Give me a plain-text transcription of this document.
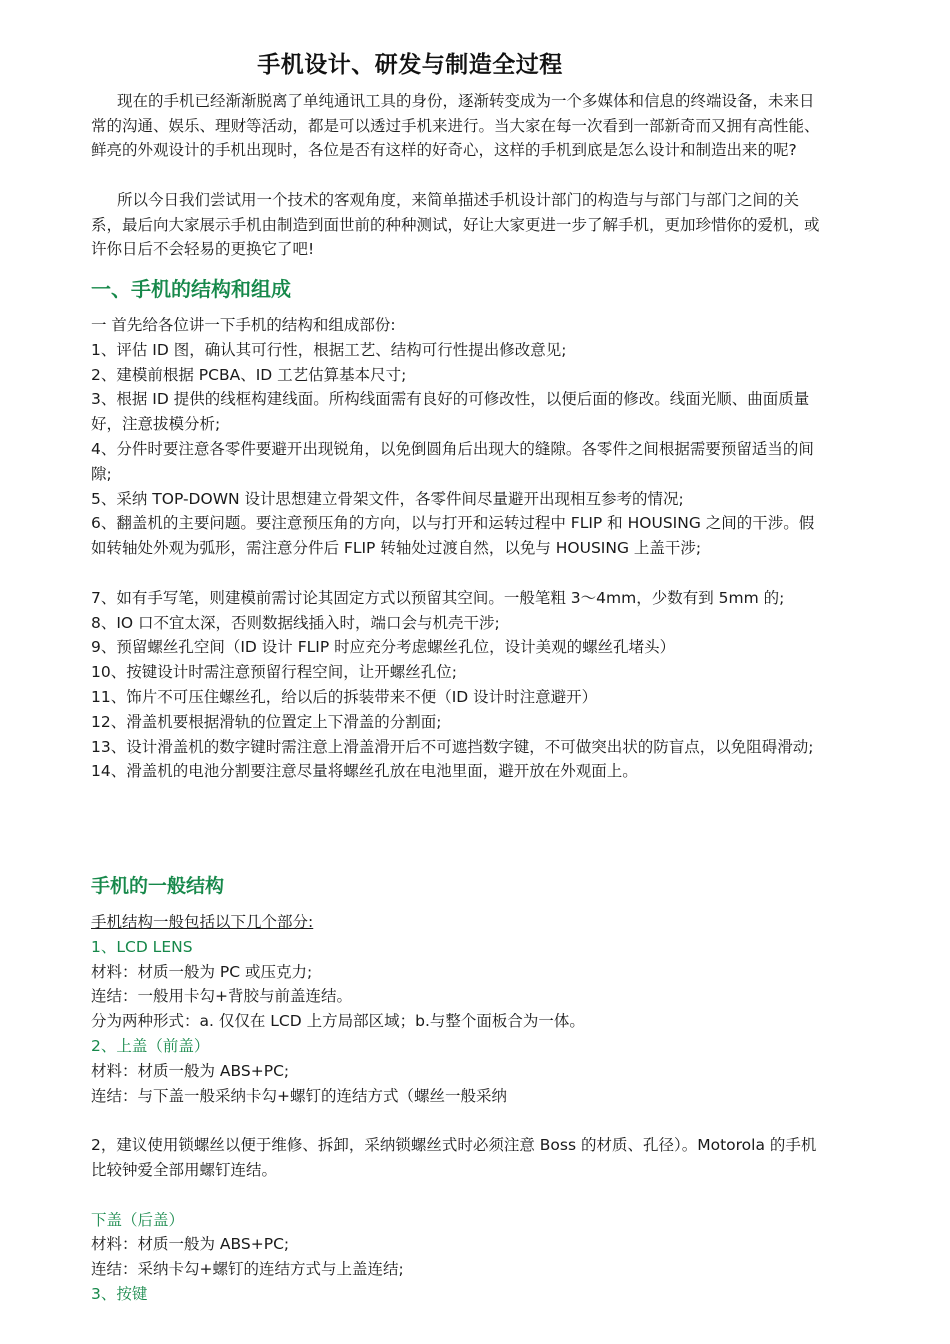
手机设计、研发与制造全过程

现在的手机已经渐渐脱离了单纯通讯工具的身份，逐渐转变成为一个多媒体和信息的终端设备，未来日常的沟通、娱乐、理财等活动，都是可以透过手机来进行。当大家在每一次看到一部新奇而又拥有高性能、鲜亮的外观设计的手机出现时，各位是否有这样的好奇心，这样的手机到底是怎么设计和制造出来的呢?

所以今日我们尝试用一个技术的客观角度，来简单描述手机设计部门的构造与与部门与部门之间的关系，最后向大家展示手机由制造到面世前的种种测试，好让大家更进一步了解手机，更加珍惜你的爱机，或许你日后不会轻易的更换它了吧!

一、手机的结构和组成
一 首先给各位讲一下手机的结构和组成部份:
1、评估 ID 图，确认其可行性，根据工艺、结构可行性提出修改意见;
2、建模前根据 PCBA、ID 工艺估算基本尺寸;
3、根据 ID 提供的线框构建线面。所构线面需有良好的可修改性，以便后面的修改。线面光顺、曲面质量好，注意拔模分析;
4、分件时要注意各零件要避开出现锐角，以免倒圆角后出现大的缝隙。各零件之间根据需要预留适当的间隙;
5、采纳 TOP-DOWN 设计思想建立骨架文件，各零件间尽量避开出现相互参考的情况;
6、翻盖机的主要问题。要注意预压角的方向，以与打开和运转过程中 FLIP 和 HOUSING 之间的干涉。假如转轴处外观为弧形，需注意分件后 FLIP 转轴处过渡自然，以免与 HOUSING 上盖干涉;
7、如有手写笔，则建模前需讨论其固定方式以预留其空间。一般笔粗 3～4mm，少数有到 5mm 的;
8、IO 口不宜太深，否则数据线插入时，端口会与机壳干涉;
9、预留螺丝孔空间（ID 设计 FLIP 时应充分考虑螺丝孔位，设计美观的螺丝孔堵头）
10、按键设计时需注意预留行程空间，让开螺丝孔位;
11、饰片不可压住螺丝孔，给以后的拆装带来不便（ID 设计时注意避开）
12、滑盖机要根据滑轨的位置定上下滑盖的分割面;
13、设计滑盖机的数字键时需注意上滑盖滑开后不可遮挡数字键，不可做突出状的防盲点，以免阻碍滑动;
14、滑盖机的电池分割要注意尽量将螺丝孔放在电池里面，避开放在外观面上。
手机的一般结构
手机结构一般包括以下几个部分:
1、LCD LENS
材料：材质一般为 PC 或压克力;
连结：一般用卡勾+背胶与前盖连结。
分为两种形式：a. 仅仅在 LCD 上方局部区域；b.与整个面板合为一体。
2、上盖（前盖）
材料：材质一般为 ABS+PC;
连结：与下盖一般采纳卡勾+螺钉的连结方式（螺丝一般采纳
2，建议使用锁螺丝以便于维修、拆卸，采纳锁螺丝式时必须注意 Boss 的材质、孔径）。Motorola 的手机比较钟爱全部用螺钉连结。
下盖（后盖）
材料：材质一般为 ABS+PC;
连结：采纳卡勾+螺钉的连结方式与上盖连结;
3、按键
